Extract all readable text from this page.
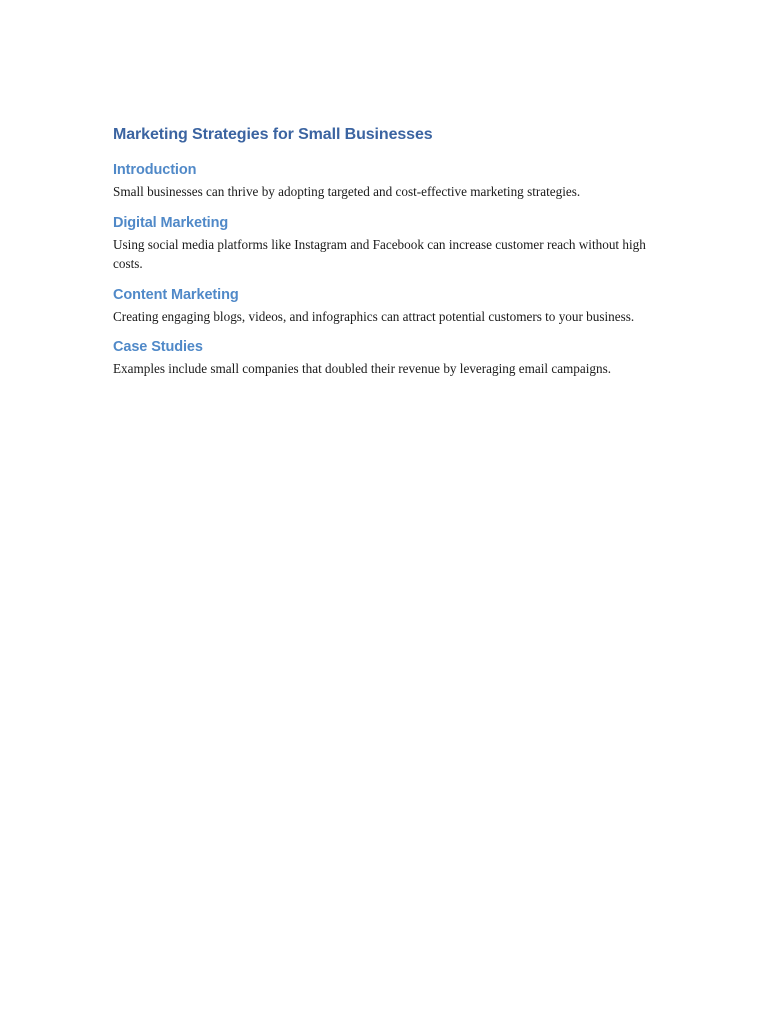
Marketing Strategies for Small Businesses
Introduction

Small businesses can thrive by adopting targeted and cost-effective marketing strategies.

Digital Marketing

Using social media platforms like Instagram and Facebook can increase customer reach without high costs.

Content Marketing

Creating engaging blogs, videos, and infographics can attract potential customers to your business.

Case Studies

Examples include small companies that doubled their revenue by leveraging email campaigns.
